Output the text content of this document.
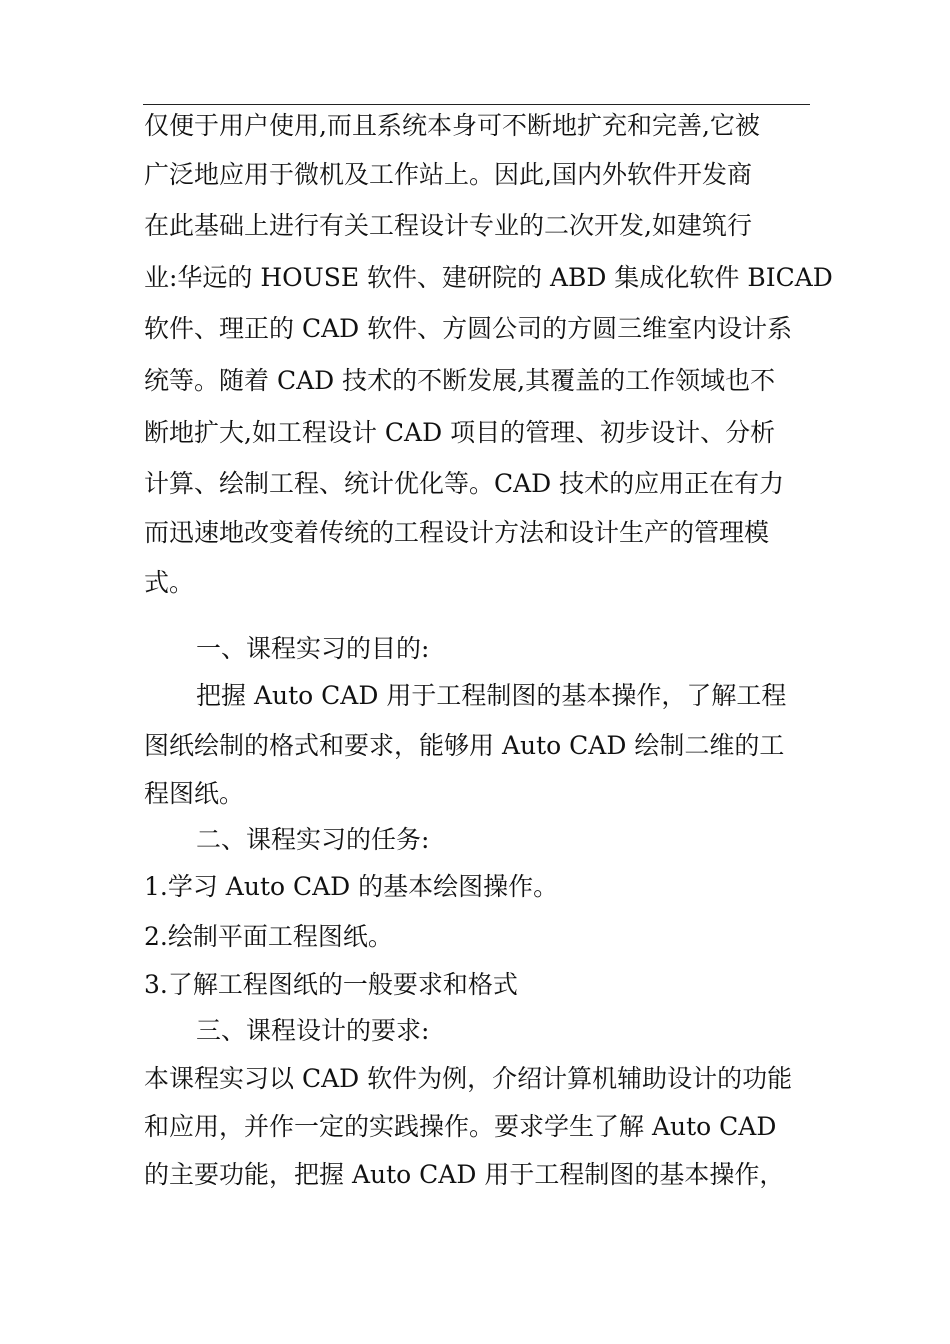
仅便于用户使用,而且系统本身可不断地扩充和完善,它被
广泛地应用于微机及工作站上。因此,国内外软件开发商
在此基础上进行有关工程设计专业的二次开发,如建筑行
业:华远的 HOUSE 软件、建研院的 ABD 集成化软件 BICAD
软件、理正的 CAD 软件、方圆公司的方圆三维室内设计系
统等。随着 CAD 技术的不断发展,其覆盖的工作领域也不
断地扩大,如工程设计 CAD 项目的管理、初步设计、分析
计算、绘制工程、统计优化等。CAD 技术的应用正在有力
而迅速地改变着传统的工程设计方法和设计生产的管理模
式。
一、课程实习的目的:
把握 Auto CAD 用于工程制图的基本操作，了解工程
图纸绘制的格式和要求，能够用 Auto CAD 绘制二维的工
程图纸。
二、课程实习的任务:
1.学习 Auto CAD 的基本绘图操作。
2.绘制平面工程图纸。
3.了解工程图纸的一般要求和格式
三、课程设计的要求:
本课程实习以 CAD 软件为例，介绍计算机辅助设计的功能
和应用，并作一定的实践操作。要求学生了解 Auto CAD
的主要功能，把握 Auto CAD 用于工程制图的基本操作，
